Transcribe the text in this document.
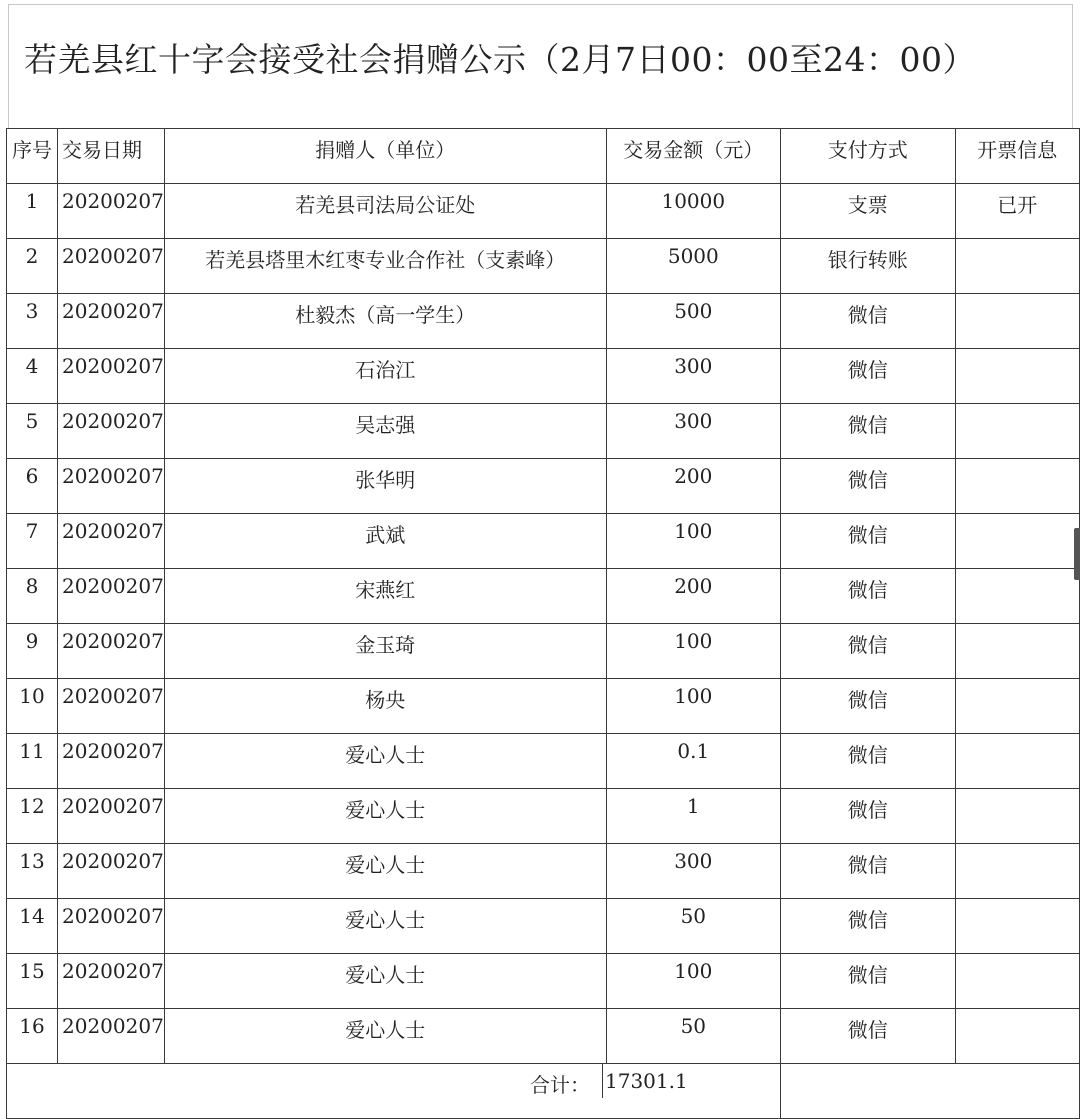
若羌县红十字会接受社会捐赠公示（2月7日00：00至24：00）
序号	交易日期	捐赠人（单位）	交易金额（元）	支付方式	开票信息
1	20200207	若羌县司法局公证处	10000	支票	已开
2	20200207	若羌县塔里木红枣专业合作社（支素峰）	5000	银行转账	
3	20200207	杜毅杰（高一学生）	500	微信	
4	20200207	石治江	300	微信	
5	20200207	吴志强	300	微信	
6	20200207	张华明	200	微信	
7	20200207	武斌	100	微信	
8	20200207	宋燕红	200	微信	
9	20200207	金玉琦	100	微信	
10	20200207	杨央	100	微信	
11	20200207	爱心人士	0.1	微信	
12	20200207	爱心人士	1	微信	
13	20200207	爱心人士	300	微信	
14	20200207	爱心人士	50	微信	
15	20200207	爱心人士	100	微信	
16	20200207	爱心人士	50	微信	

合计： 17301.1					
